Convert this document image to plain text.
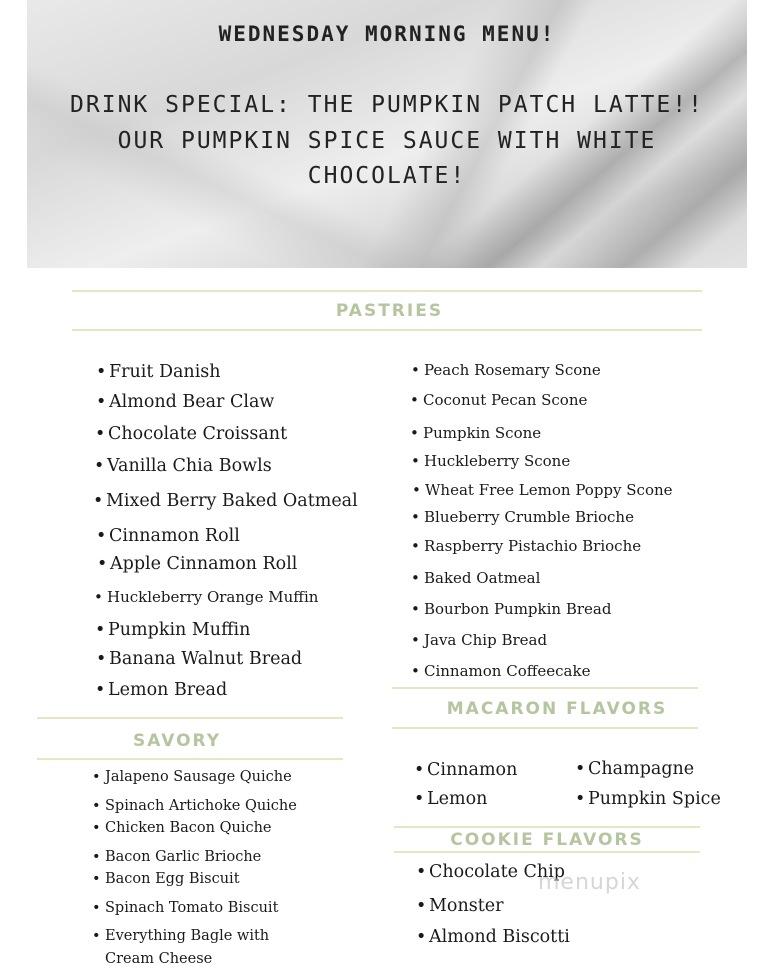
WEDNESDAY MORNING MENU!
DRINK SPECIAL: THE PUMPKIN PATCH LATTE!!
OUR PUMPKIN SPICE SAUCE WITH WHITE
CHOCOLATE!
PASTRIES
• Fruit Danish
• Almond Bear Claw
• Chocolate Croissant
• Vanilla Chia Bowls
• Mixed Berry Baked Oatmeal
• Cinnamon Roll
• Apple Cinnamon Roll
• Huckleberry Orange Muffin
• Pumpkin Muffin
• Banana Walnut Bread
• Lemon Bread
• Peach Rosemary Scone
• Coconut Pecan Scone
• Pumpkin Scone
• Huckleberry Scone
• Wheat Free Lemon Poppy Scone
• Blueberry Crumble Brioche
• Raspberry Pistachio Brioche
• Baked Oatmeal
• Bourbon Pumpkin Bread
• Java Chip Bread
• Cinnamon Coffeecake
SAVORY
• Jalapeno Sausage Quiche
• Spinach Artichoke Quiche
• Chicken Bacon Quiche
• Bacon Garlic Brioche
• Bacon Egg Biscuit
• Spinach Tomato Biscuit
• Everything Bagle with
Cream Cheese
MACARON FLAVORS
• Cinnamon
• Lemon
• Champagne
• Pumpkin Spice
COOKIE FLAVORS
• Chocolate Chip
• Monster
• Almond Biscotti
menupix
